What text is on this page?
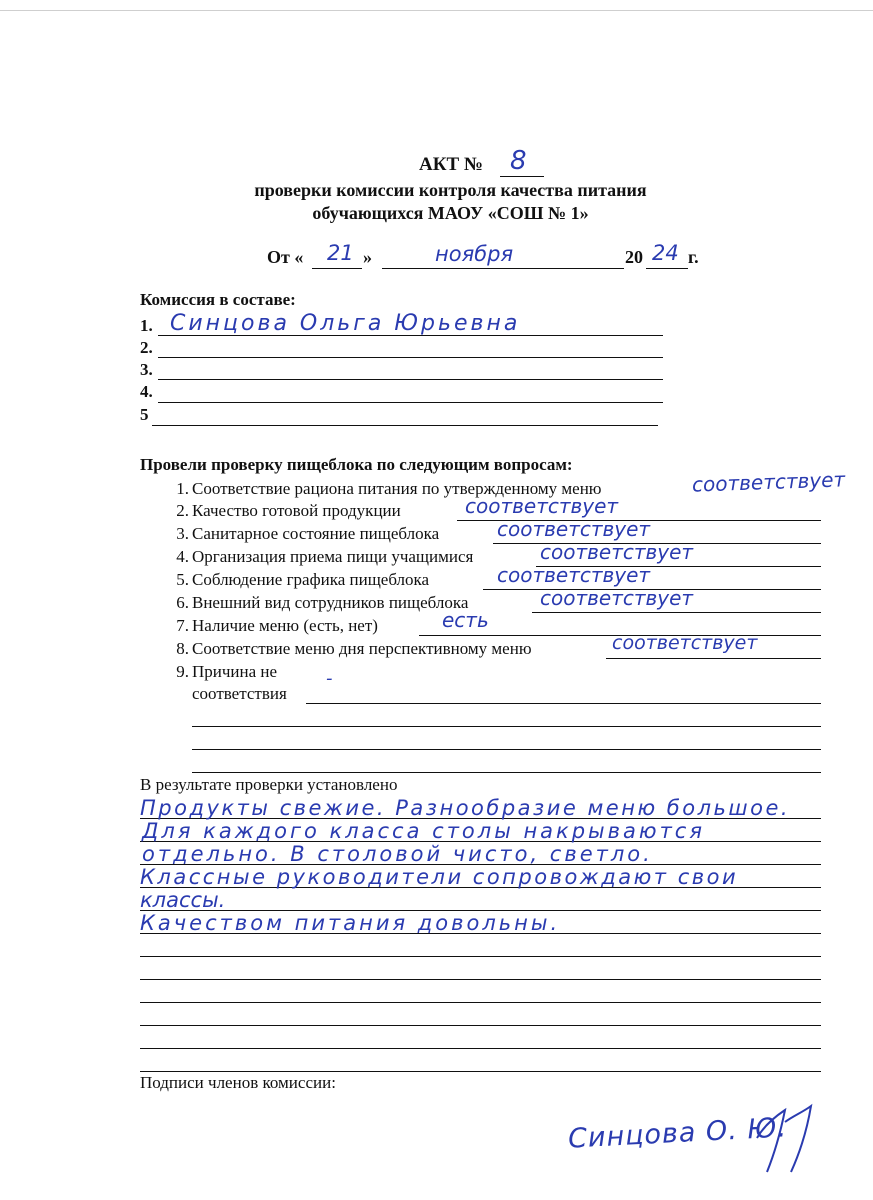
АКТ № 8
проверки комиссии контроля качества питания
обучающихся МАОУ «СОШ № 1»
От « 21 »	ноября	20 24 г.
Комиссия в составе:
1. Синцова Ольга Юрьевна
2.
3.
4.
5
Провели проверку пищеблока по следующим вопросам:
1. Соответствие рациона питания по утвержденному меню	соответствует
2. Качество готовой продукции	соответствует
3. Санитарное состояние пищеблока	соответствует
4. Организация приема пищи учащимися	соответствует
5. Соблюдение графика пищеблока	соответствует
6. Внешний вид сотрудников пищеблока	соответствует
7. Наличие меню (есть, нет)	есть
8. Соответствие меню дня перспективному меню	соответствует
9. Причина не
соответствия
-
В результате проверки установлено
Продукты свежие. Разнообразие меню большое.
Для каждого класса столы накрываются
отдельно. В столовой чисто, светло.
Классные руководители сопровождают свои
классы.
Качеством питания довольны.
Подписи членов комиссии:
Синцова О. Ю.
